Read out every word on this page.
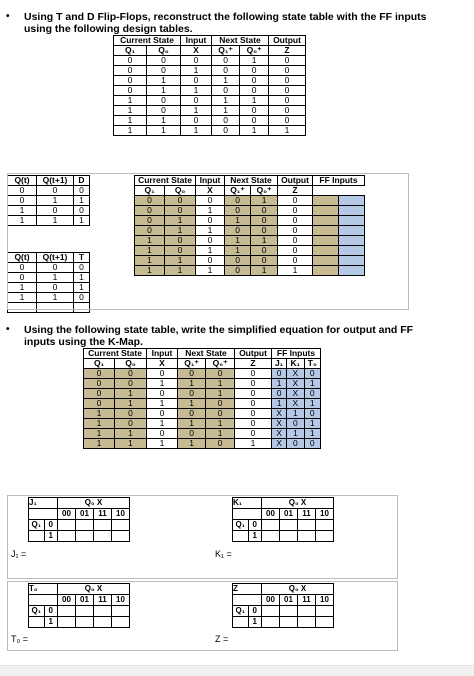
• Using T and D Flip-Flops, reconstruct the following state table with the FF inputs using the following design tables.
Current State		Input	Next State		Output
Q₁	Q₀	X	Q₁⁺	Q₀⁺	Z
0	0	0	0	1	0
0	0	1	0	0	0
0	1	0	1	0	0
0	1	1	0	0	0
1	0	0	1	1	0
1	0	1	1	0	0
1	1	0	0	0	0
1	1	1	0	1	1
Q(t)	Q(t+1)	D
0	0	0
0	1	1
1	0	0
1	1	1
Q(t)	Q(t+1)	T
0	0	0
0	1	1
1	0	1
1	1	0

Current State		Input	Next State		Output	FF Inputs	
Q₁	Q₀	X	Q₁⁺	Q₀⁺	Z		
0	0	0	0	1	0		
0	0	1	0	0	0		
0	1	0	1	0	0		
0	1	1	0	0	0		
1	0	0	1	1	0		
1	0	1	1	0	0		
1	1	0	0	0	0		
1	1	1	0	1	1		
• Using the following state table, write the simplified equation for output and FF inputs using the K-Map.
Current State		Input	Next State		Output	FF Inputs		
Q₁	Q₀	X	Q₁⁺	Q₀⁺	Z	J₁	K₁	T₀
0	0	0	0	0	0	0	X	0
0	0	1	1	1	0	1	X	1
0	1	0	0	1	0	0	X	0
0	1	1	1	0	0	1	X	1
1	0	0	0	0	0	X	1	0
1	0	1	1	1	0	X	0	1
1	1	0	0	1	0	X	1	1
1	1	1	1	0	1	X	0	0
J₁		Q₀ X			
		00	01	11	10
Q₁	0				
	1				
J₁ =
K₁		Q₀ X			
		00	01	11	10
Q₁	0				
	1				
K₁ =
T₀		Q₀ X			
		00	01	11	10
Q₁	0				
	1				
T₀ =
Z		Q₀ X			
		00	01	11	10
Q₁	0				
	1				
Z =
